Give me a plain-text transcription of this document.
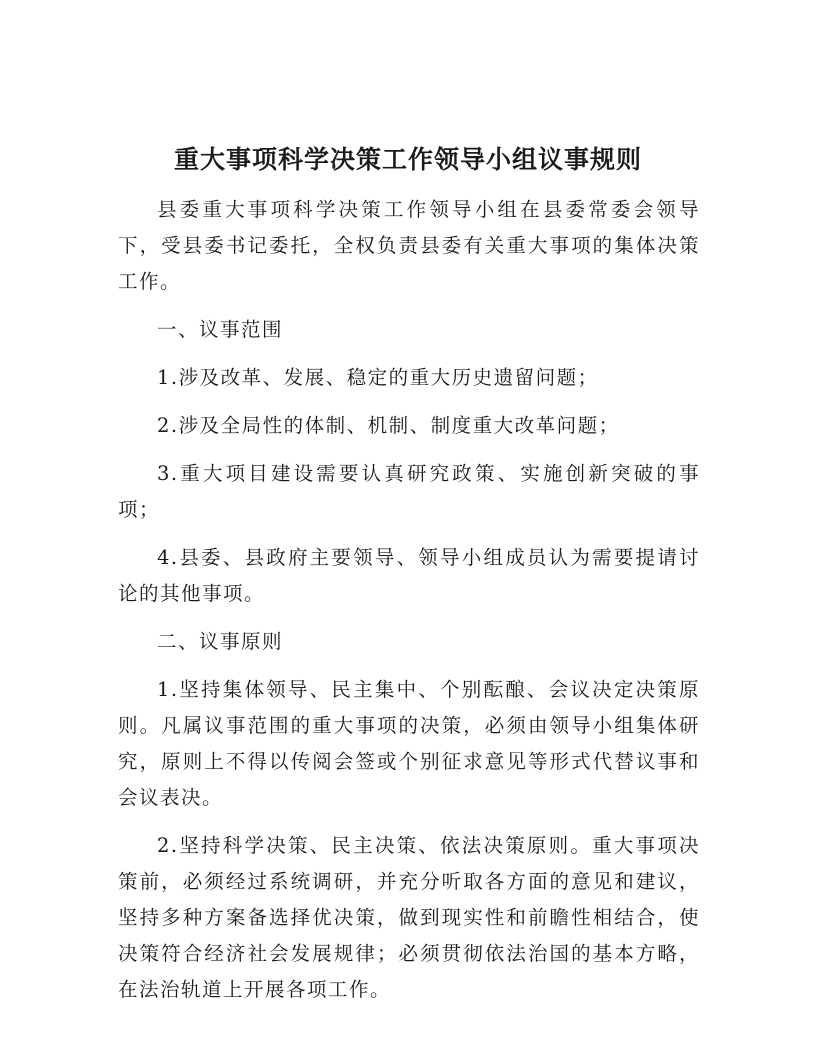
重大事项科学决策工作领导小组议事规则

县委重大事项科学决策工作领导小组在县委常委会领导下，受县委书记委托，全权负责县委有关重大事项的集体决策工作。

一、议事范围

1.涉及改革、发展、稳定的重大历史遗留问题；

2.涉及全局性的体制、机制、制度重大改革问题；

3.重大项目建设需要认真研究政策、实施创新突破的事项；

4.县委、县政府主要领导、领导小组成员认为需要提请讨论的其他事项。

二、议事原则

1.坚持集体领导、民主集中、个别酝酿、会议决定决策原则。凡属议事范围的重大事项的决策，必须由领导小组集体研究，原则上不得以传阅会签或个别征求意见等形式代替议事和会议表决。

2.坚持科学决策、民主决策、依法决策原则。重大事项决策前，必须经过系统调研，并充分听取各方面的意见和建议，坚持多种方案备选择优决策，做到现实性和前瞻性相结合，使决策符合经济社会发展规律；必须贯彻依法治国的基本方略，在法治轨道上开展各项工作。
